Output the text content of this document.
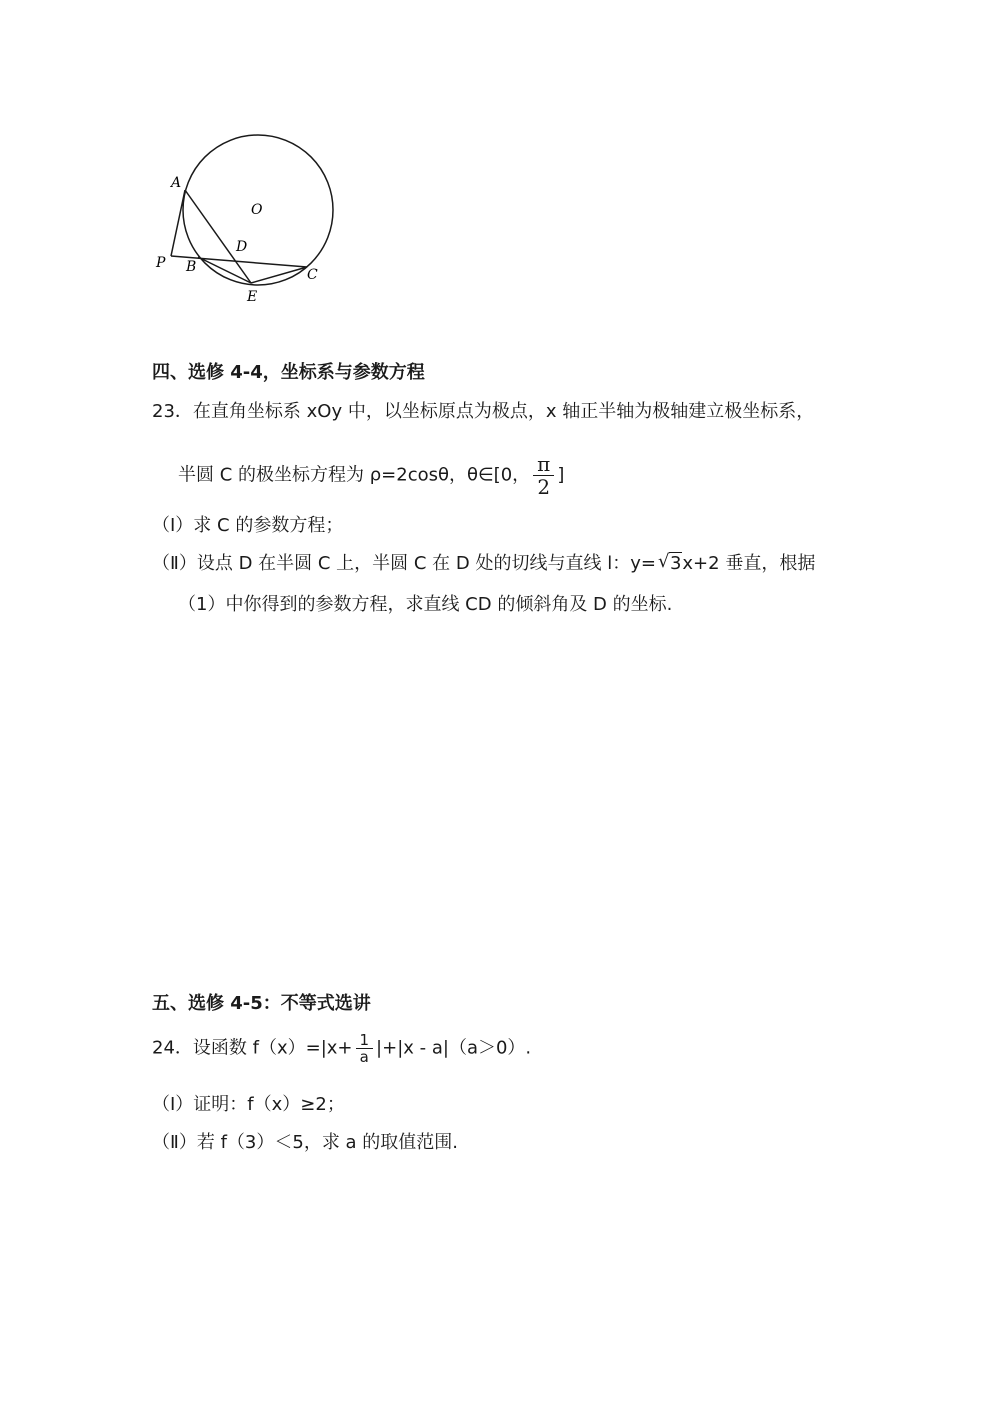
A
O
D
P B	C
E
四、选修 4-4，坐标系与参数方程
23．在直角坐标系 xOy 中，以坐标原点为极点，x 轴正半轴为极轴建立极坐标系，
半圆 C 的极坐标方程为 ρ=2cosθ，θ∈[0， $\frac{\pi}{2}$ ]
（Ⅰ）求 C 的参数方程；
（Ⅱ）设点 D 在半圆 C 上，半圆 C 在 D 处的切线与直线 l：y= √ 3x+2 垂直，根据
（1）中你得到的参数方程，求直线 CD 的倾斜角及 D 的坐标.
五、选修 4-5：不等式选讲
24．设函数 $f(x)=|x+ \frac{1}{a} |+|x - a|(a>0)$.
（Ⅰ）证明：f（x）≥2；
（Ⅱ）若 f（3）＜5，求 a 的取值范围.
